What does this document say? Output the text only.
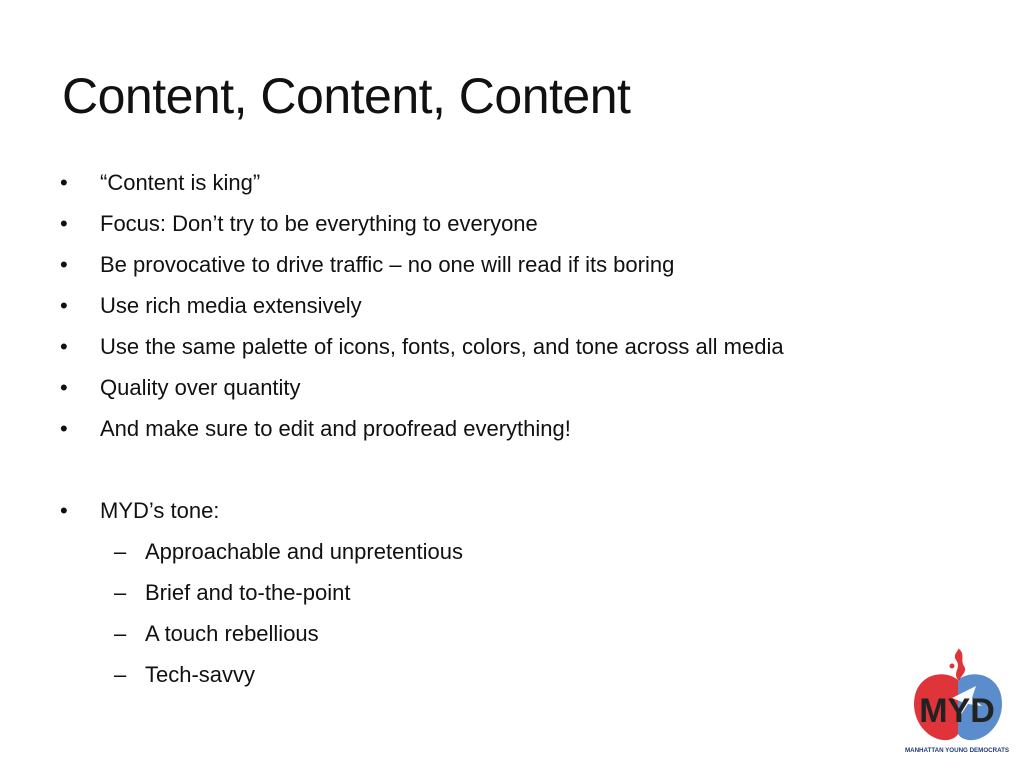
Content, Content, Content
•	“Content is king”
•	Focus: Don’t try to be everything to everyone
•	Be provocative to drive traffic – no one will read if its boring
•	Use rich media extensively
•	Use the same palette of icons, fonts, colors, and tone across all media
•	Quality over quantity
•	And make sure to edit and proofread everything!
•	MYD’s tone:
– Approachable and unpretentious
– Brief and to-the-point
– A touch rebellious
– Tech-savvy
MYD
MANHATTAN YOUNG DEMOCRATS
